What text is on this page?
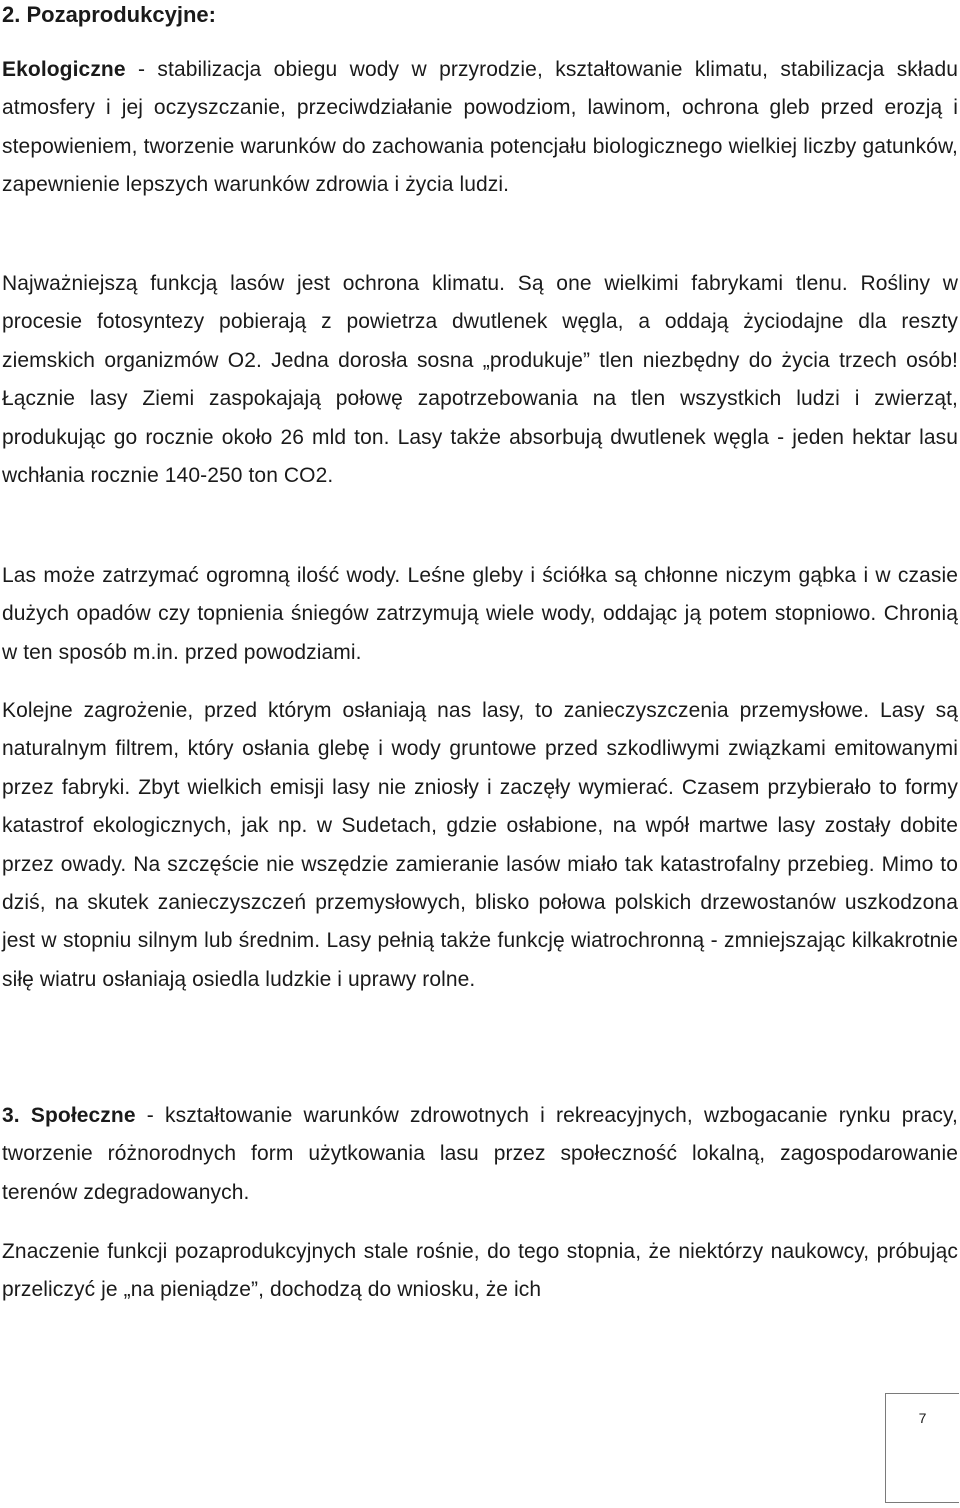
2. Pozaprodukcyjne:

Ekologiczne - stabilizacja obiegu wody w przyrodzie, kształtowanie klimatu, stabilizacja składu atmosfery i jej oczyszczanie, przeciwdziałanie powodziom, lawinom, ochrona gleb przed erozją i stepowieniem, tworzenie warunków do zachowania potencjału biologicznego wielkiej liczby gatunków, zapewnienie lepszych warunków zdrowia i życia ludzi.

Najważniejszą funkcją lasów jest ochrona klimatu. Są one wielkimi fabrykami tlenu. Rośliny w procesie fotosyntezy pobierają z powietrza dwutlenek węgla, a oddają życiodajne dla reszty ziemskich organizmów O2. Jedna dorosła sosna „produkuje” tlen niezbędny do życia trzech osób! Łącznie lasy Ziemi zaspokajają połowę zapotrzebowania na tlen wszystkich ludzi i zwierząt, produkując go rocznie około 26 mld ton. Lasy także absorbują dwutlenek węgla - jeden hektar lasu wchłania rocznie 140-250 ton CO2.

Las może zatrzymać ogromną ilość wody. Leśne gleby i ściółka są chłonne niczym gąbka i w czasie dużych opadów czy topnienia śniegów zatrzymują wiele wody, oddając ją potem stopniowo. Chronią w ten sposób m.in. przed powodziami.

Kolejne zagrożenie, przed którym osłaniają nas lasy, to zanieczyszczenia przemysłowe. Lasy są naturalnym filtrem, który osłania glebę i wody gruntowe przed szkodliwymi związkami emitowanymi przez fabryki. Zbyt wielkich emisji lasy nie zniosły i zaczęły wymierać. Czasem przybierało to formy katastrof ekologicznych, jak np. w Sudetach, gdzie osłabione, na wpół martwe lasy zostały dobite przez owady. Na szczęście nie wszędzie zamieranie lasów miało tak katastrofalny przebieg. Mimo to dziś, na skutek zanieczyszczeń przemysłowych, blisko połowa polskich drzewostanów uszkodzona jest w stopniu silnym lub średnim. Lasy pełnią także funkcję wiatrochronną - zmniejszając kilkakrotnie siłę wiatru osłaniają osiedla ludzkie i uprawy rolne.

3. Społeczne - kształtowanie warunków zdrowotnych i rekreacyjnych, wzbogacanie rynku pracy, tworzenie różnorodnych form użytkowania lasu przez społeczność lokalną, zagospodarowanie terenów zdegradowanych.

Znaczenie funkcji pozaprodukcyjnych stale rośnie, do tego stopnia, że niektórzy naukowcy, próbując przeliczyć je „na pieniądze”, dochodzą do wniosku, że ich

7
